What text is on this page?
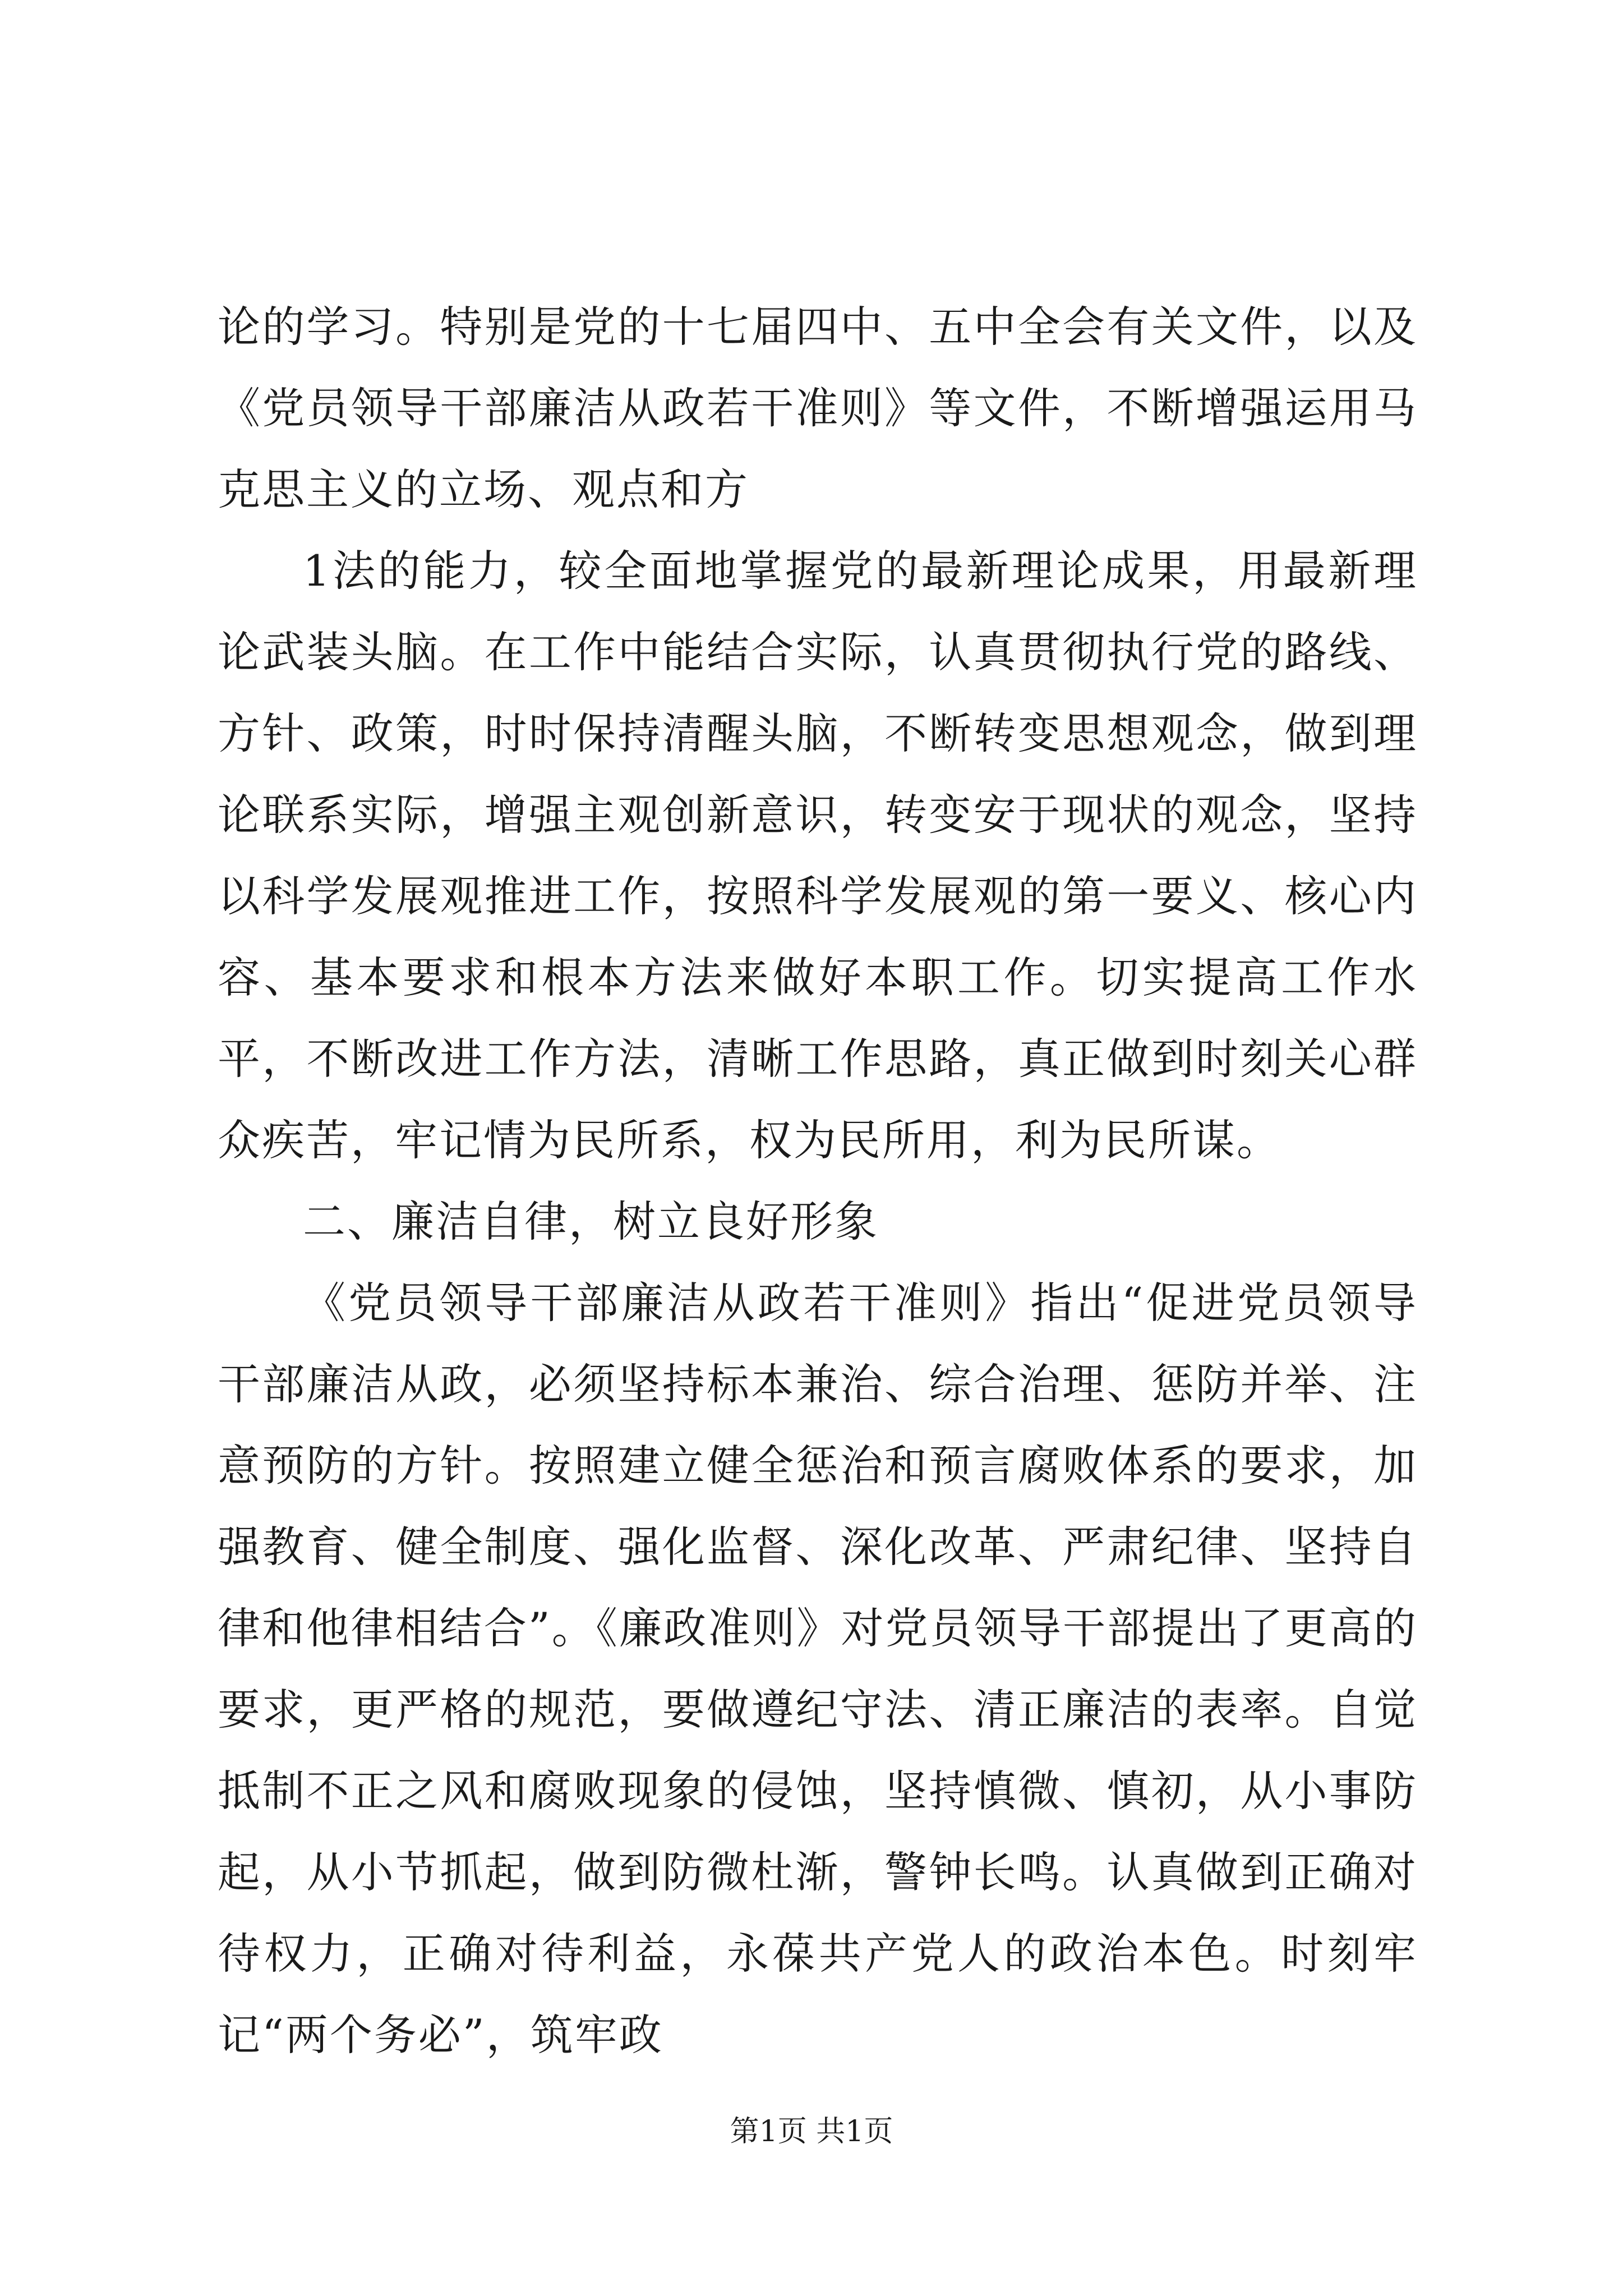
论的学习。特别是党的十七届四中、五中全会有关文件，以及《党员领导干部廉洁从政若干准则》等文件，不断增强运用马克思主义的立场、观点和方

1法的能力，较全面地掌握党的最新理论成果，用最新理论武装头脑。在工作中能结合实际，认真贯彻执行党的路线、方针、政策，时时保持清醒头脑，不断转变思想观念，做到理论联系实际，增强主观创新意识，转变安于现状的观念，坚持以科学发展观推进工作，按照科学发展观的第一要义、核心内容、基本要求和根本方法来做好本职工作。切实提高工作水平，不断改进工作方法，清晰工作思路，真正做到时刻关心群众疾苦，牢记情为民所系，权为民所用，利为民所谋。

二、廉洁自律，树立良好形象

《党员领导干部廉洁从政若干准则》指出“促进党员领导干部廉洁从政，必须坚持标本兼治、综合治理、惩防并举、注意预防的方针。按照建立健全惩治和预言腐败体系的要求，加强教育、健全制度、强化监督、深化改革、严肃纪律、坚持自律和他律相结合”。《廉政准则》对党员领导干部提出了更高的要求，更严格的规范，要做遵纪守法、清正廉洁的表率。自觉抵制不正之风和腐败现象的侵蚀，坚持慎微、慎初，从小事防起，从小节抓起，做到防微杜渐，警钟长鸣。认真做到正确对待权力，正确对待利益，永葆共产党人的政治本色。时刻牢记“两个务必”，筑牢政

第1页 共1页
